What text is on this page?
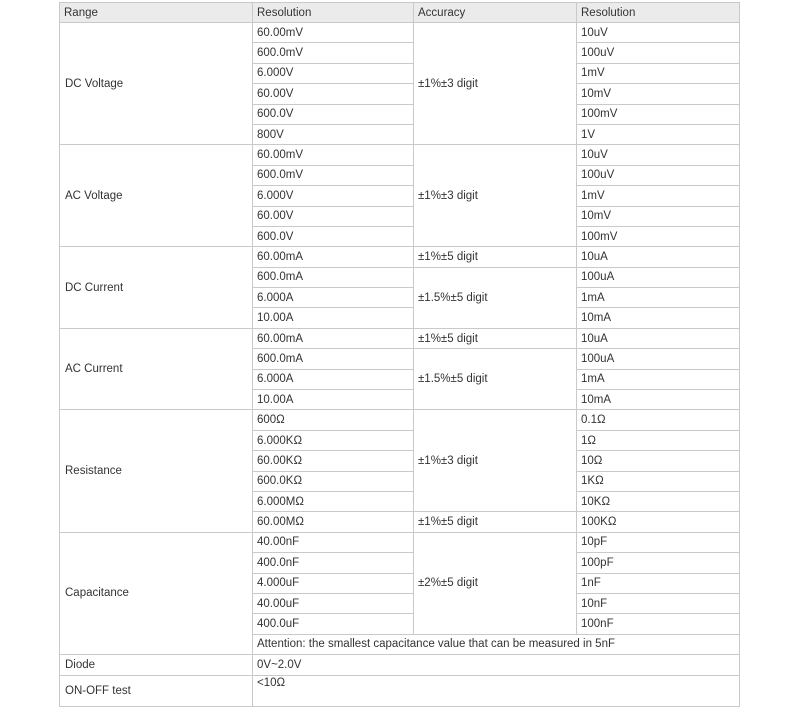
Range	Resolution	Accuracy	Resolution
DC Voltage	60.00mV	±1%±3 digit	10uV
	600.0mV		100uV
	6.000V		1mV
	60.00V		10mV
	600.0V		100mV
	800V		1V
AC Voltage	60.00mV	±1%±3 digit	10uV
	600.0mV		100uV
	6.000V		1mV
	60.00V		10mV
	600.0V		100mV
DC Current	60.00mA	±1%±5 digit	10uA
	600.0mA	±1.5%±5 digit	100uA
	6.000A		1mA
	10.00A		10mA
AC Current	60.00mA	±1%±5 digit	10uA
	600.0mA	±1.5%±5 digit	100uA
	6.000A		1mA
	10.00A		10mA
Resistance	600Ω	±1%±3 digit	0.1Ω
	6.000KΩ		1Ω
	60.00KΩ		10Ω
	600.0KΩ		1KΩ
	6.000MΩ		10KΩ
	60.00MΩ	±1%±5 digit	100KΩ
Capacitance	40.00nF	±2%±5 digit	10pF
	400.0nF		100pF
	4.000uF		1nF
	40.00uF		10nF
	400.0uF		100nF
	Attention: the smallest capacitance value that can be measured in 5nF		
Diode	0V~2.0V		
ON-OFF test	<10Ω		
